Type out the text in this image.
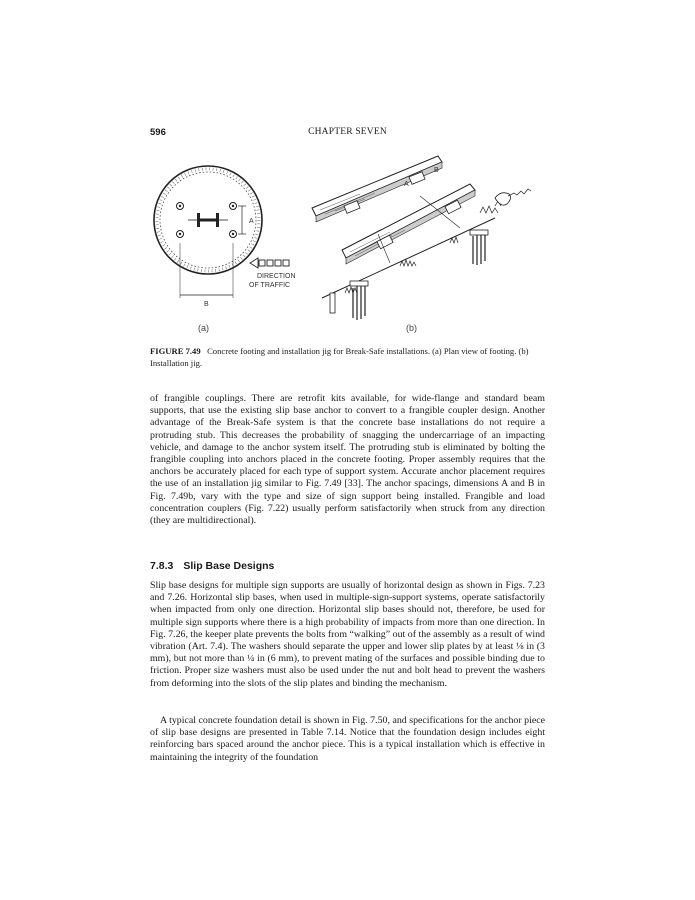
596	CHAPTER SEVEN
A
B
DIRECTION
OF TRAFFIC
(a)
A
B
(b)
FIGURE 7.49 Concrete footing and installation jig for Break-Safe installations. (a) Plan view of footing. (b) Installation jig.

of frangible couplings. There are retrofit kits available, for wide-flange and standard beam supports, that use the existing slip base anchor to convert to a frangible coupler design. Another advantage of the Break-Safe system is that the concrete base installations do not require a protruding stub. This decreases the probability of snagging the undercarriage of an impacting vehicle, and damage to the anchor system itself. The protruding stub is eliminated by bolting the frangible coupling into anchors placed in the concrete footing. Proper assembly requires that the anchors be accurately placed for each type of support system. Accurate anchor placement requires the use of an installation jig similar to Fig. 7.49 [33]. The anchor spacings, dimensions A and B in Fig. 7.49b, vary with the type and size of sign support being installed. Frangible and load concentration couplers (Fig. 7.22) usually perform satisfactorily when struck from any direction (they are multidirectional).

7.8.3 Slip Base Designs

Slip base designs for multiple sign supports are usually of horizontal design as shown in Figs. 7.23 and 7.26. Horizontal slip bases, when used in multiple-sign-support systems, operate satisfactorily when impacted from only one direction. Horizontal slip bases should not, therefore, be used for multiple sign supports where there is a high probability of impacts from more than one direction. In Fig. 7.26, the keeper plate prevents the bolts from “walking” out of the assembly as a result of wind vibration (Art. 7.4). The washers should separate the upper and lower slip plates by at least ⅛ in (3 mm), but not more than ¼ in (6 mm), to prevent mating of the surfaces and possible binding due to friction. Proper size washers must also be used under the nut and bolt head to prevent the washers from deforming into the slots of the slip plates and binding the mechanism.

A typical concrete foundation detail is shown in Fig. 7.50, and specifications for the anchor piece of slip base designs are presented in Table 7.14. Notice that the foundation design includes eight reinforcing bars spaced around the anchor piece. This is a typical installation which is effective in maintaining the integrity of the foundation
